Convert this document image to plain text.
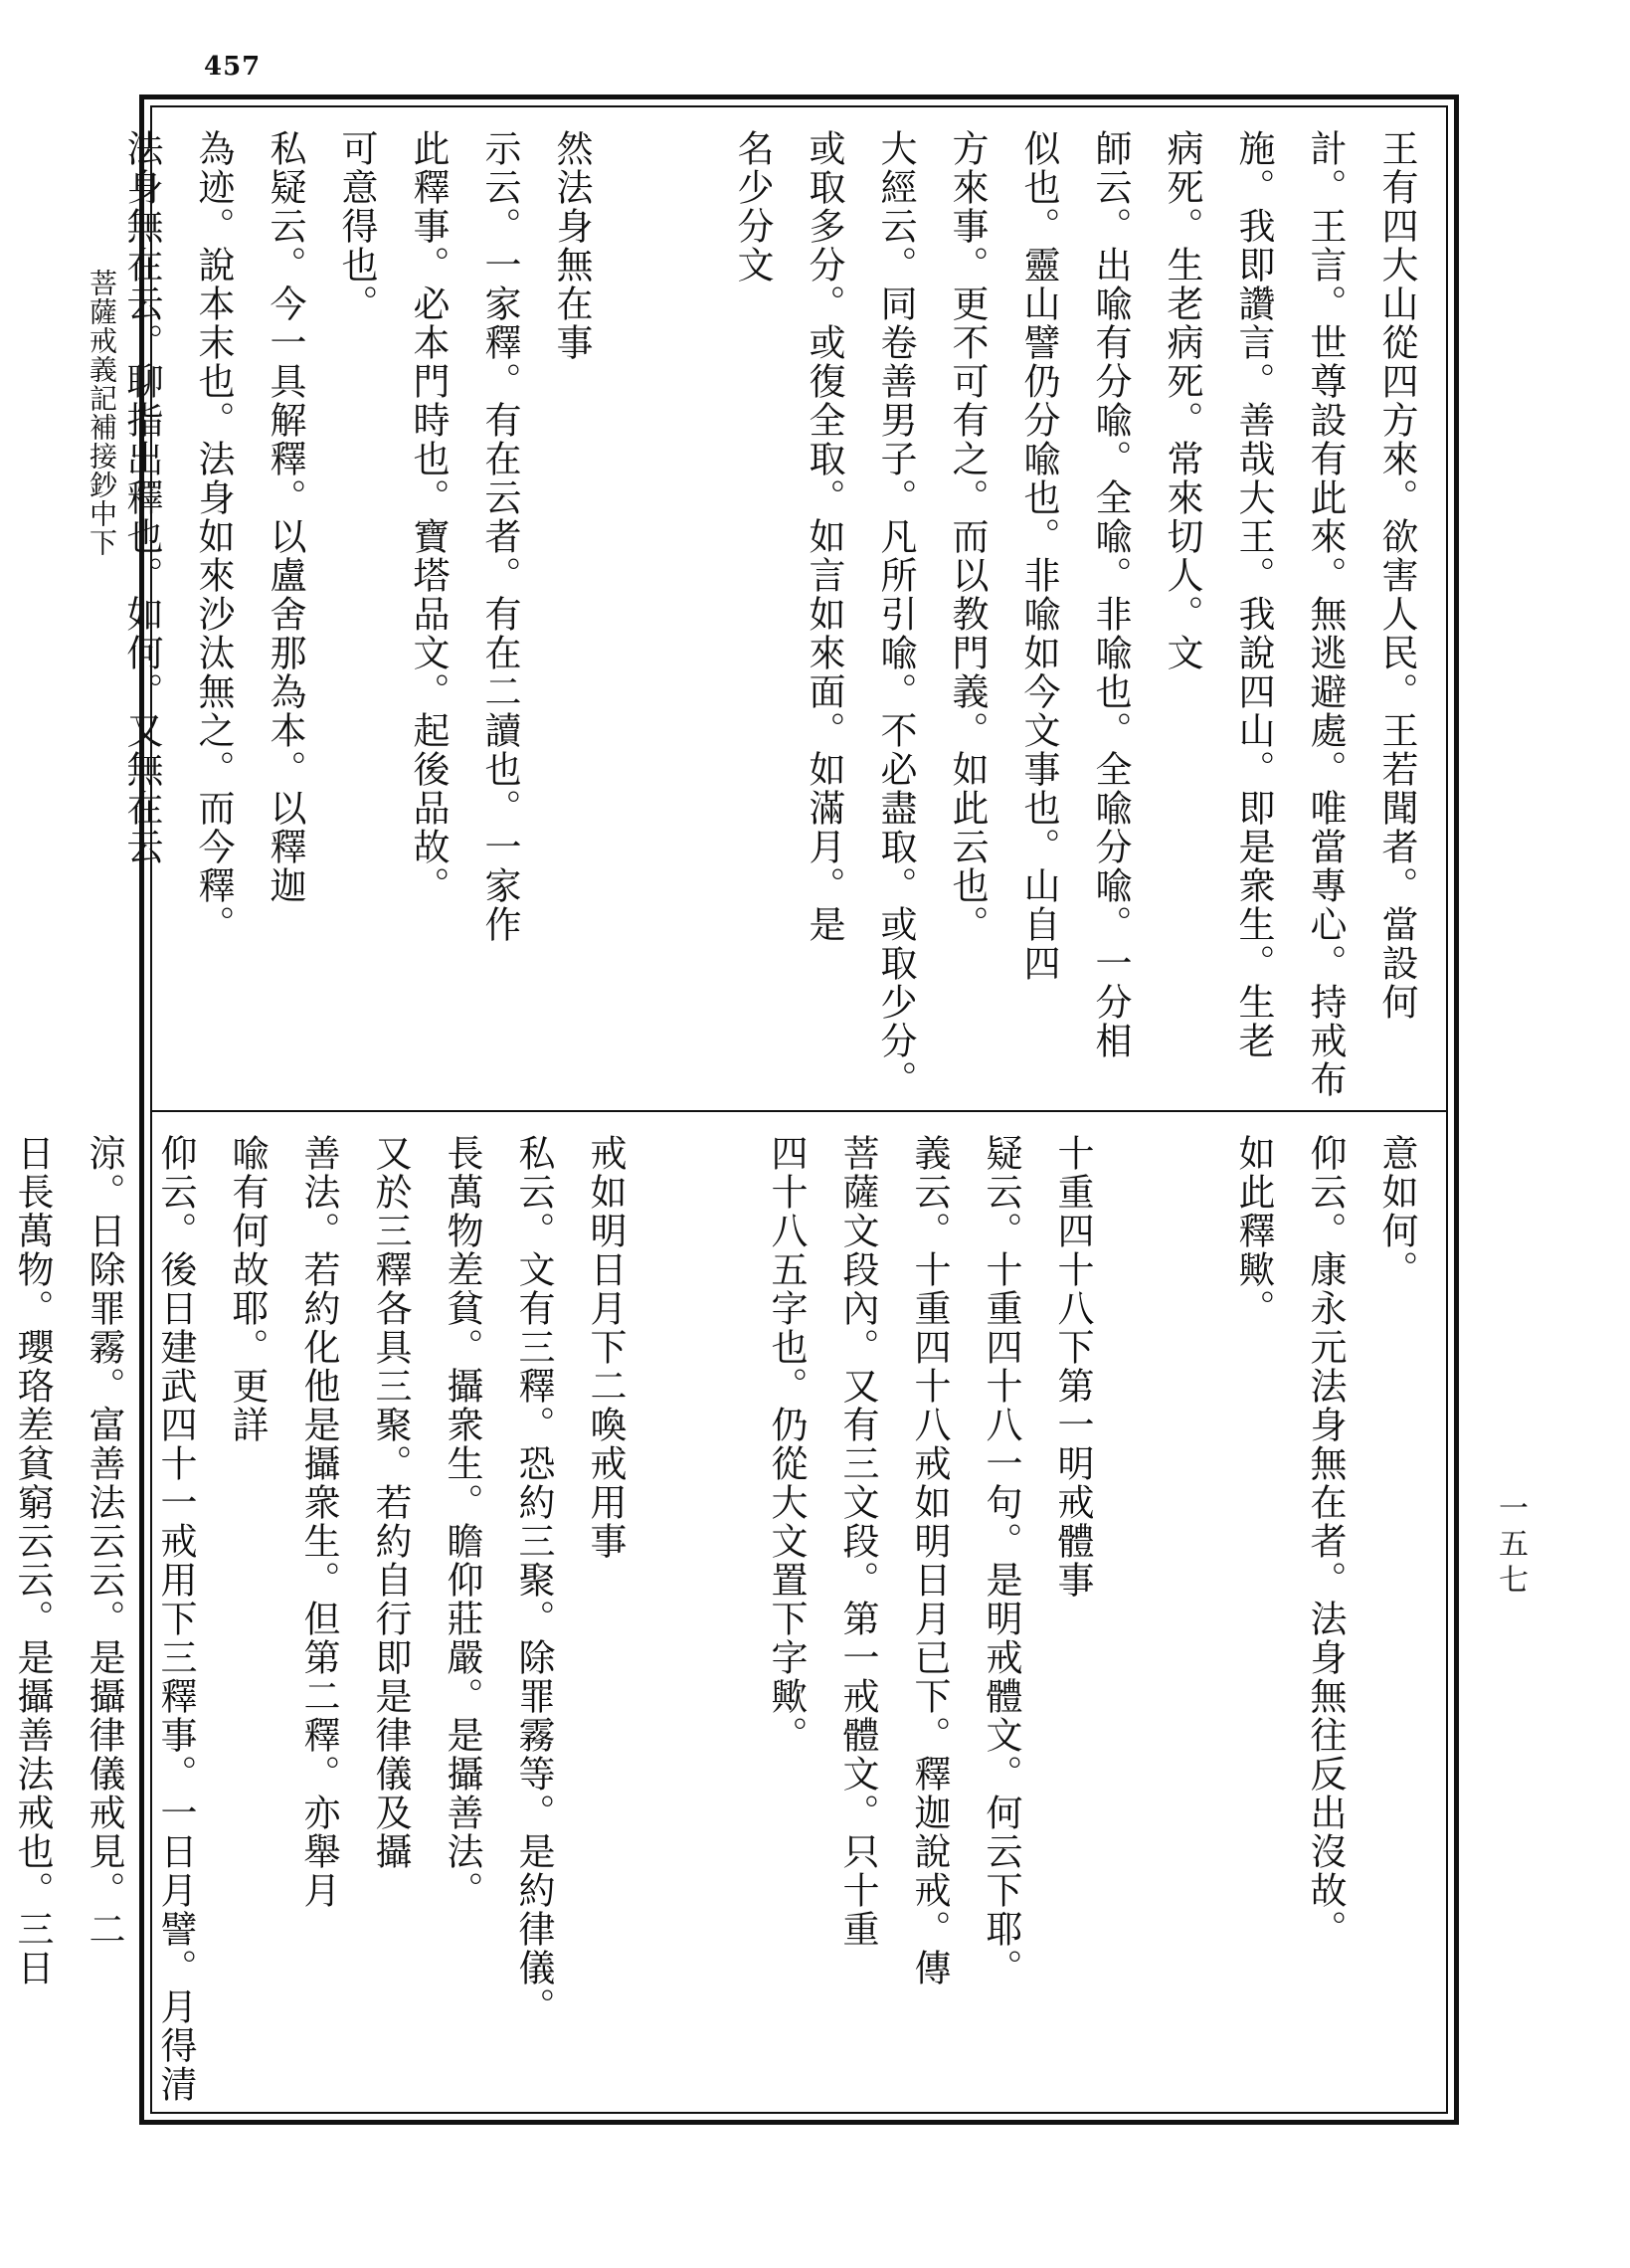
457
菩薩戒義記補接鈔中下	王有四大山從四方來。欲害人民。王若聞者。當設何
計。王言。世尊設有此來。無逃避處。唯當專心。持戒布
施。我即讚言。善哉大王。我說四山。即是衆生。生老
病死。生老病死。常來切人。文
師云。出喩有分喩。全喩。非喩也。全喩分喩。一分相
似也。靈山譬仍分喩也。非喩如今文事也。山自四
方來事。更不可有之。而以教門義。如此云也。
大經云。同卷善男子。凡所引喩。不必盡取。或取少分。
或取多分。或復全取。如言如來面。如滿月。是
名少分文
然法身無在事
示云。一家釋。有在云者。有在二讀也。一家作
此釋事。必本門時也。寶塔品文。起後品故。
可意得也。
私疑云。今一具解釋。以盧舍那為本。以釋迦
為迹。說本末也。法身如來沙汰無之。而今釋。
法身無在云。聊指出釋也。如何。又無在云
意如何。
仰云。康永元法身無在者。法身無往反出沒故。
如此釋歟。
十重四十八下第一明戒體事
疑云。十重四十八一句。是明戒體文。何云下耶。
義云。十重四十八戒如明日月已下。釋迦說戒。傳
菩薩文段內。又有三文段。第一戒體文。只十重
四十八五字也。仍從大文置下字歟。
戒如明日月下二喚戒用事
私云。文有三釋。恐約三聚。除罪霧等。是約律儀。
長萬物差貧。攝衆生。瞻仰莊嚴。是攝善法。
又於三釋各具三聚。若約自行即是律儀及攝
善法。若約化他是攝衆生。但第二釋。亦舉月
喩有何故耶。更詳
仰云。後日建武四十一戒用下三釋事。一日月譬。月得清
涼。日除罪霧。富善法云云。是攝律儀戒見。二
日長萬物。瓔珞差貧窮云云。是攝善法戒也。三日	一五七
